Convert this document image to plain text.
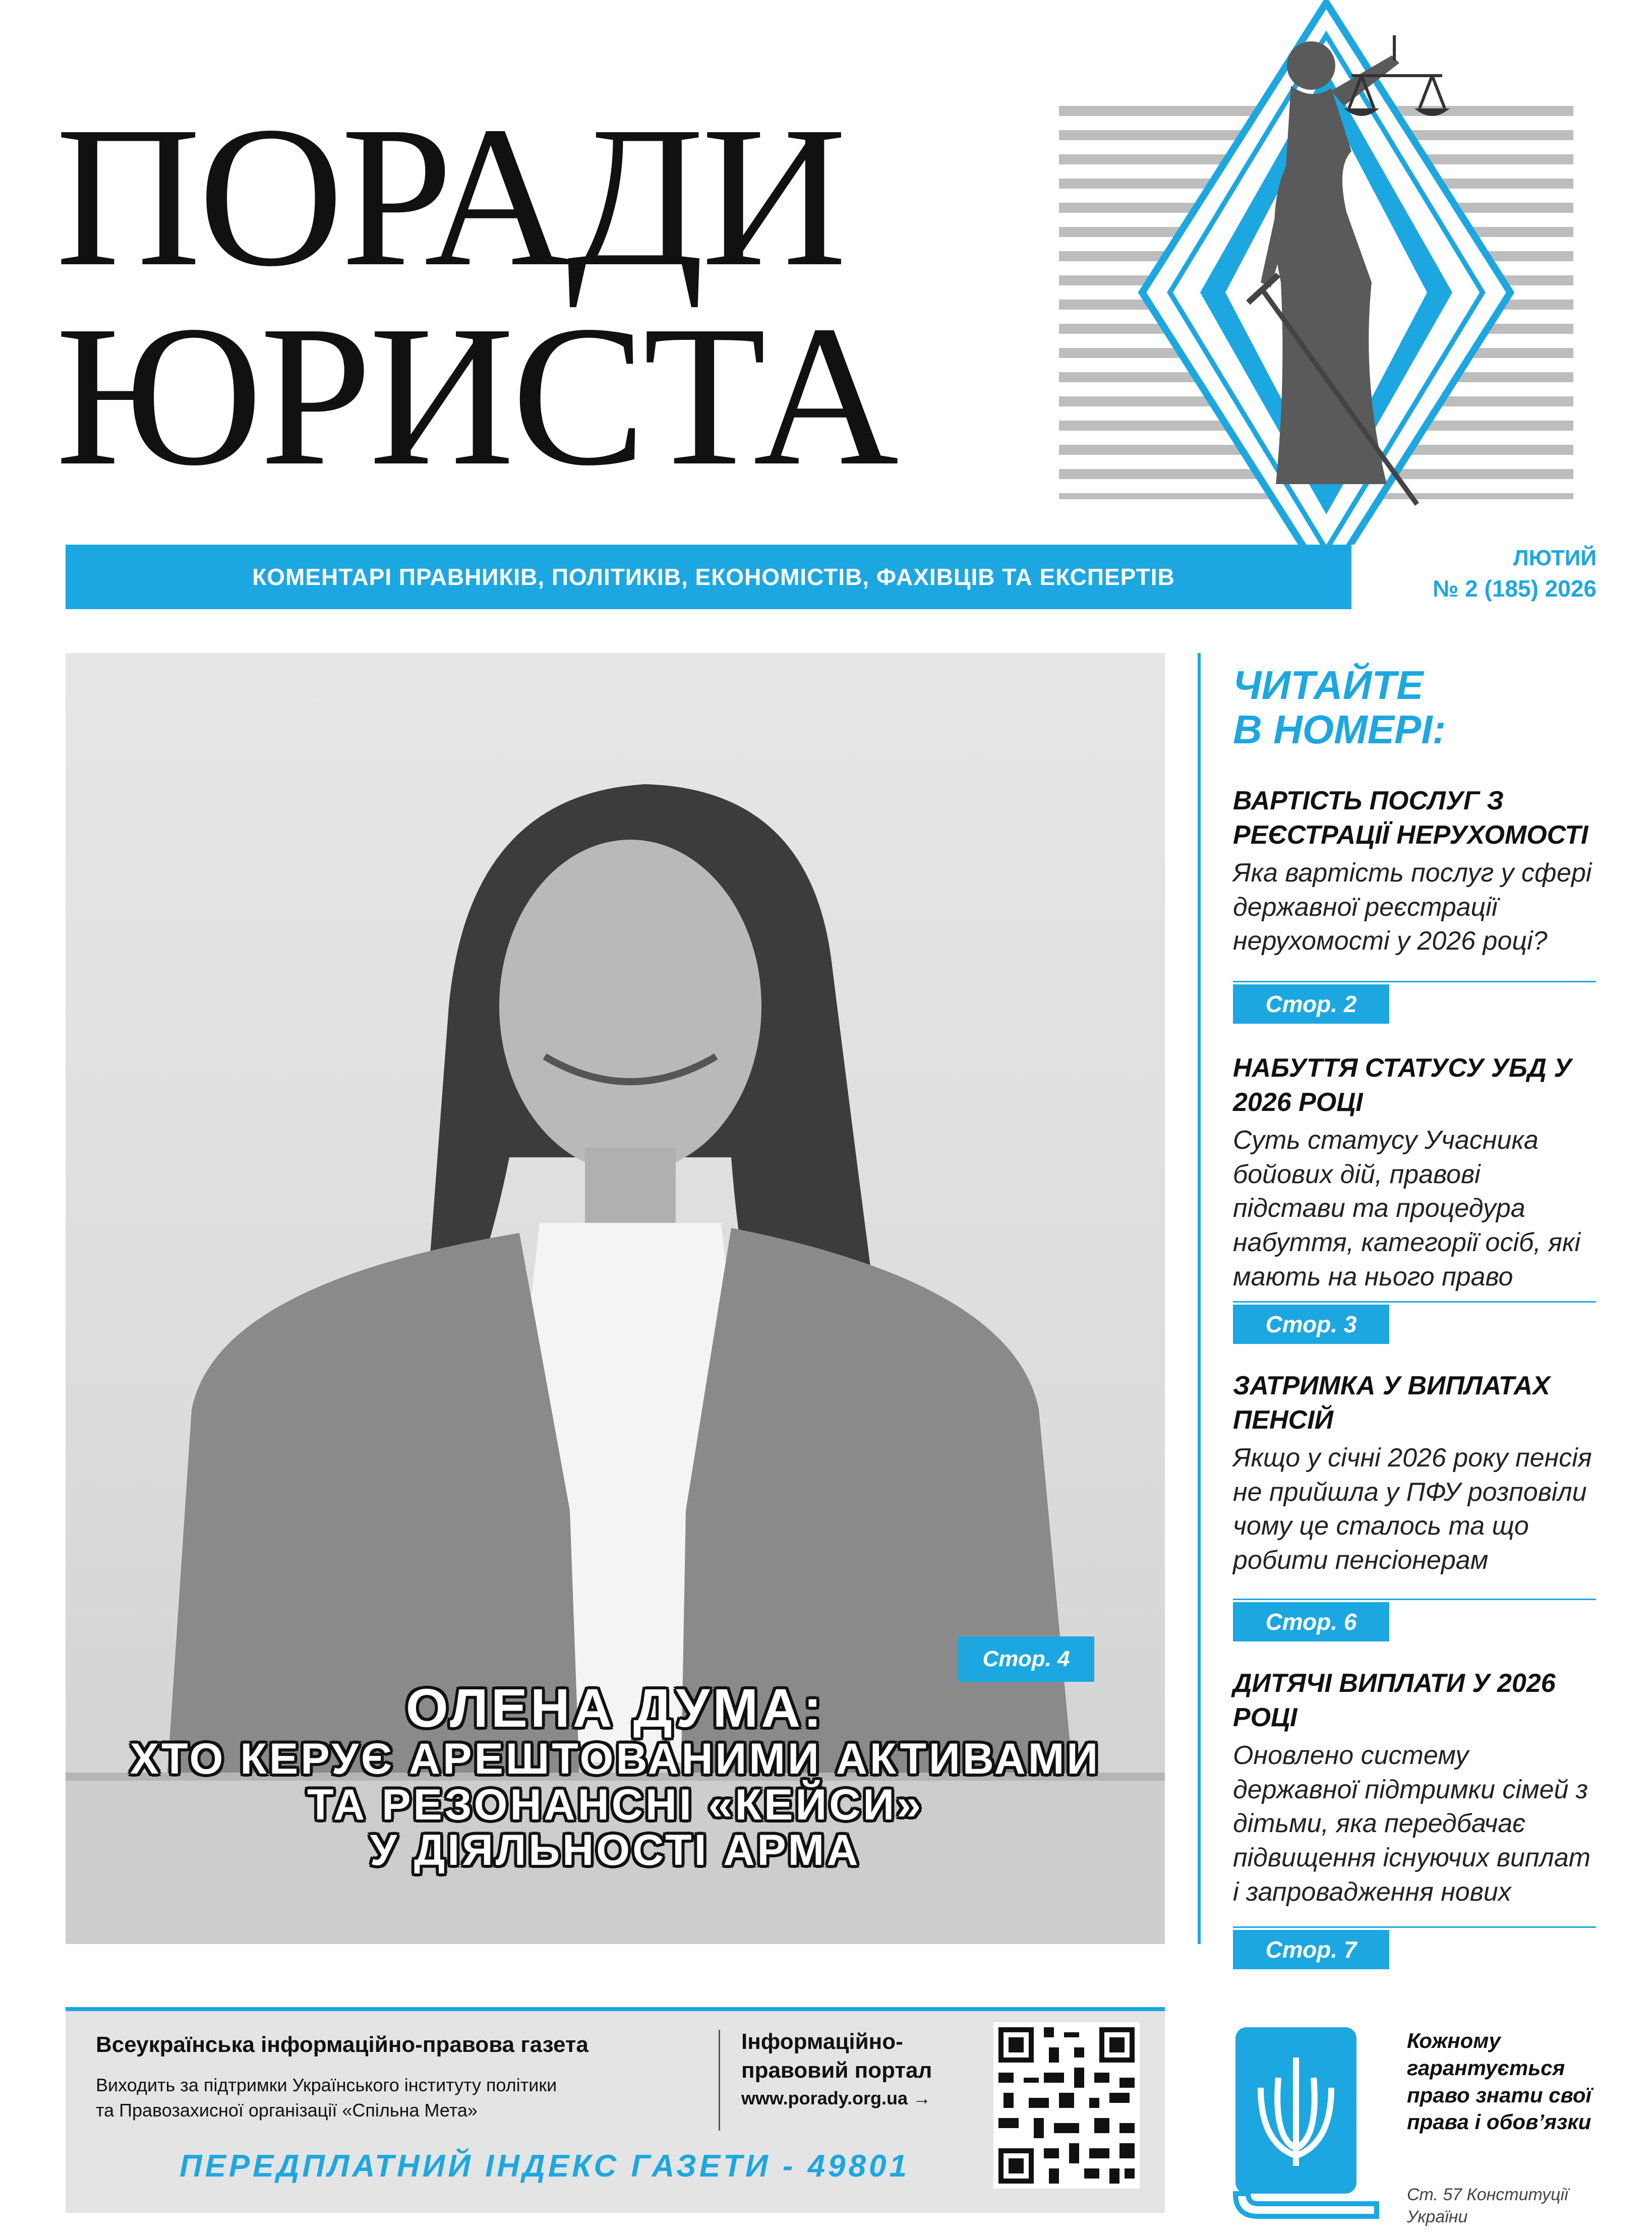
ПОРАДИ
ЮРИСТА
КОМЕНТАРІ ПРАВНИКІВ, ПОЛІТИКІВ, ЕКОНОМІСТІВ, ФАХІВЦІВ ТА ЕКСПЕРТІВ
ЛЮТИЙ
№ 2 (185) 2026
Стор. 4
ОЛЕНА ДУМА:
ХТО КЕРУЄ АРЕШТОВАНИМИ АКТИВАМИ
ТА РЕЗОНАНСНІ «КЕЙСИ»
У ДІЯЛЬНОСТІ АРМА
ЧИТАЙТЕ
В НОМЕРІ:
ВАРТІСТЬ ПОСЛУГ З РЕЄСТРАЦІЇ НЕРУХОМОСТІ
Яка вартість послуг у сфері державної реєстрації нерухомості у 2026 році?
Стор. 2
НАБУТТЯ СТАТУСУ УБД У 2026 РОЦІ
Суть статусу Учасника бойових дій, правові підстави та процедура набуття, категорії осіб, які мають на нього право
Стор. 3
ЗАТРИМКА У ВИПЛАТАХ ПЕНСІЙ
Якщо у січні 2026 року пенсія не прийшла у ПФУ розповіли чому це сталось та що робити пенсіонерам
Стор. 6
ДИТЯЧІ ВИПЛАТИ У 2026 РОЦІ
Оновлено систему державної підтримки сімей з дітьми, яка передбачає підвищення існуючих виплат і запровадження нових
Стор. 7
Всеукраїнська інформаційно-правова газета
Виходить за підтримки Українського інституту політики
та Правозахисної організації «Спільна Мета»
Інформаційно-
правовий портал
www.porady.org.ua →
ПЕРЕДПЛАТНИЙ ІНДЕКС ГАЗЕТИ - 49801
Кожному гарантується право знати свої права і обов’язки
Ст. 57 Конституції України
